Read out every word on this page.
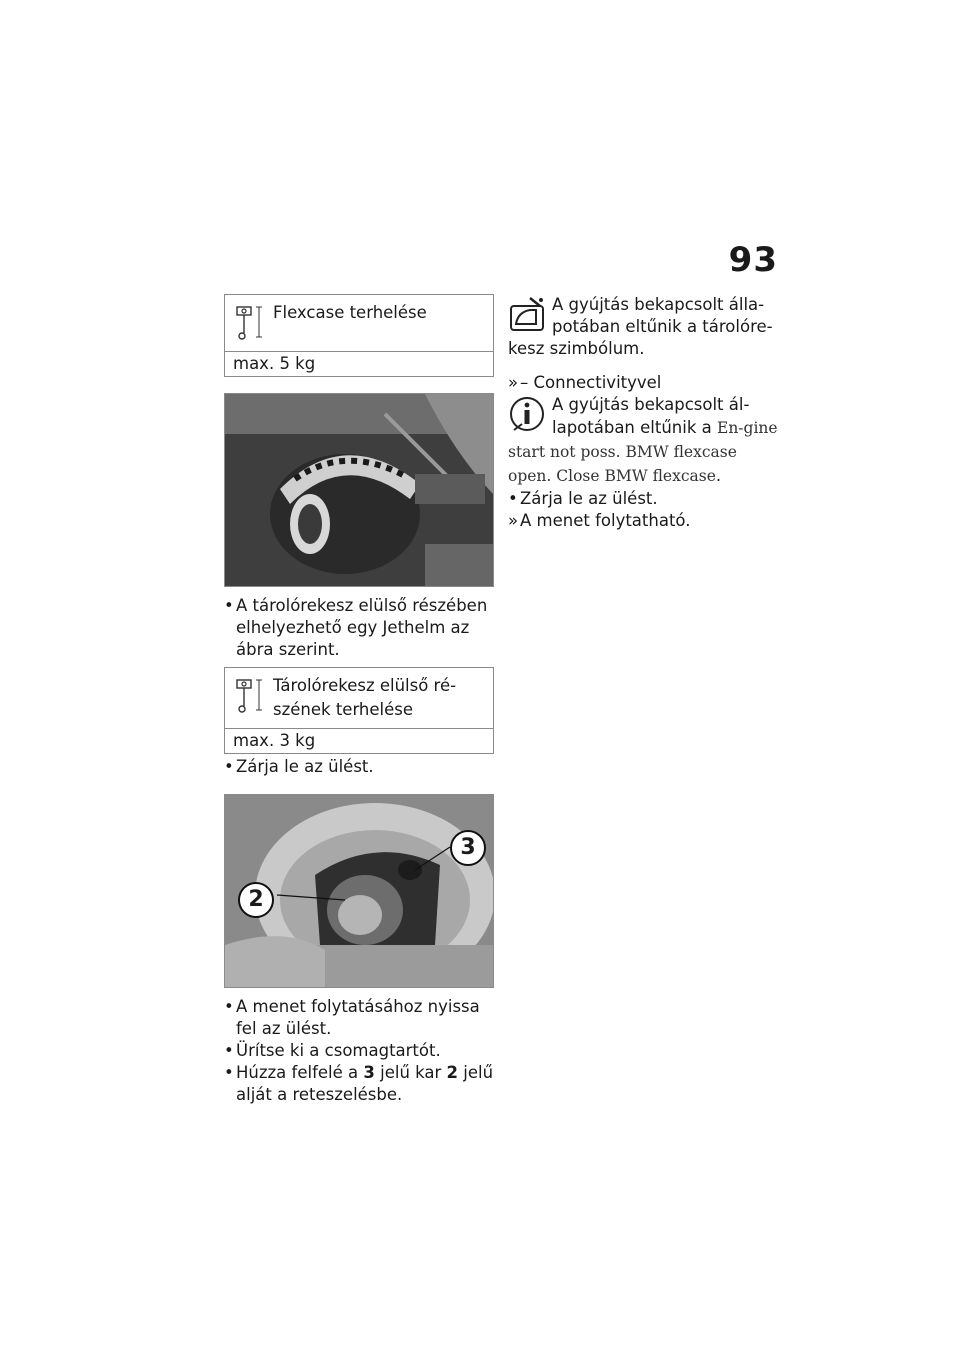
93
Flexcase terhelése
max. 5 kg
• A tárolórekesz elülső részében elhelyezhető egy Jethelm az ábra szerint.
Tárolórekesz elülső ré-szének terhelése
max. 3 kg
• Zárja le az ülést.
2
3
• A menet folytatásához nyissa fel az ülést.
• Ürítse ki a csomagtartót.
• Húzza felfelé a 3 jelű kar 2 jelű alját a reteszelésbe.
A gyújtás bekapcsolt álla-potában eltűnik a tárolóre-kesz szimbólum.
» – Connectivityvel
A gyújtás bekapcsolt ál-lapotában eltűnik a En-gine start not poss. BMW flexcase open. Close BMW flexcase.
• Zárja le az ülést.
» A menet folytatható.
